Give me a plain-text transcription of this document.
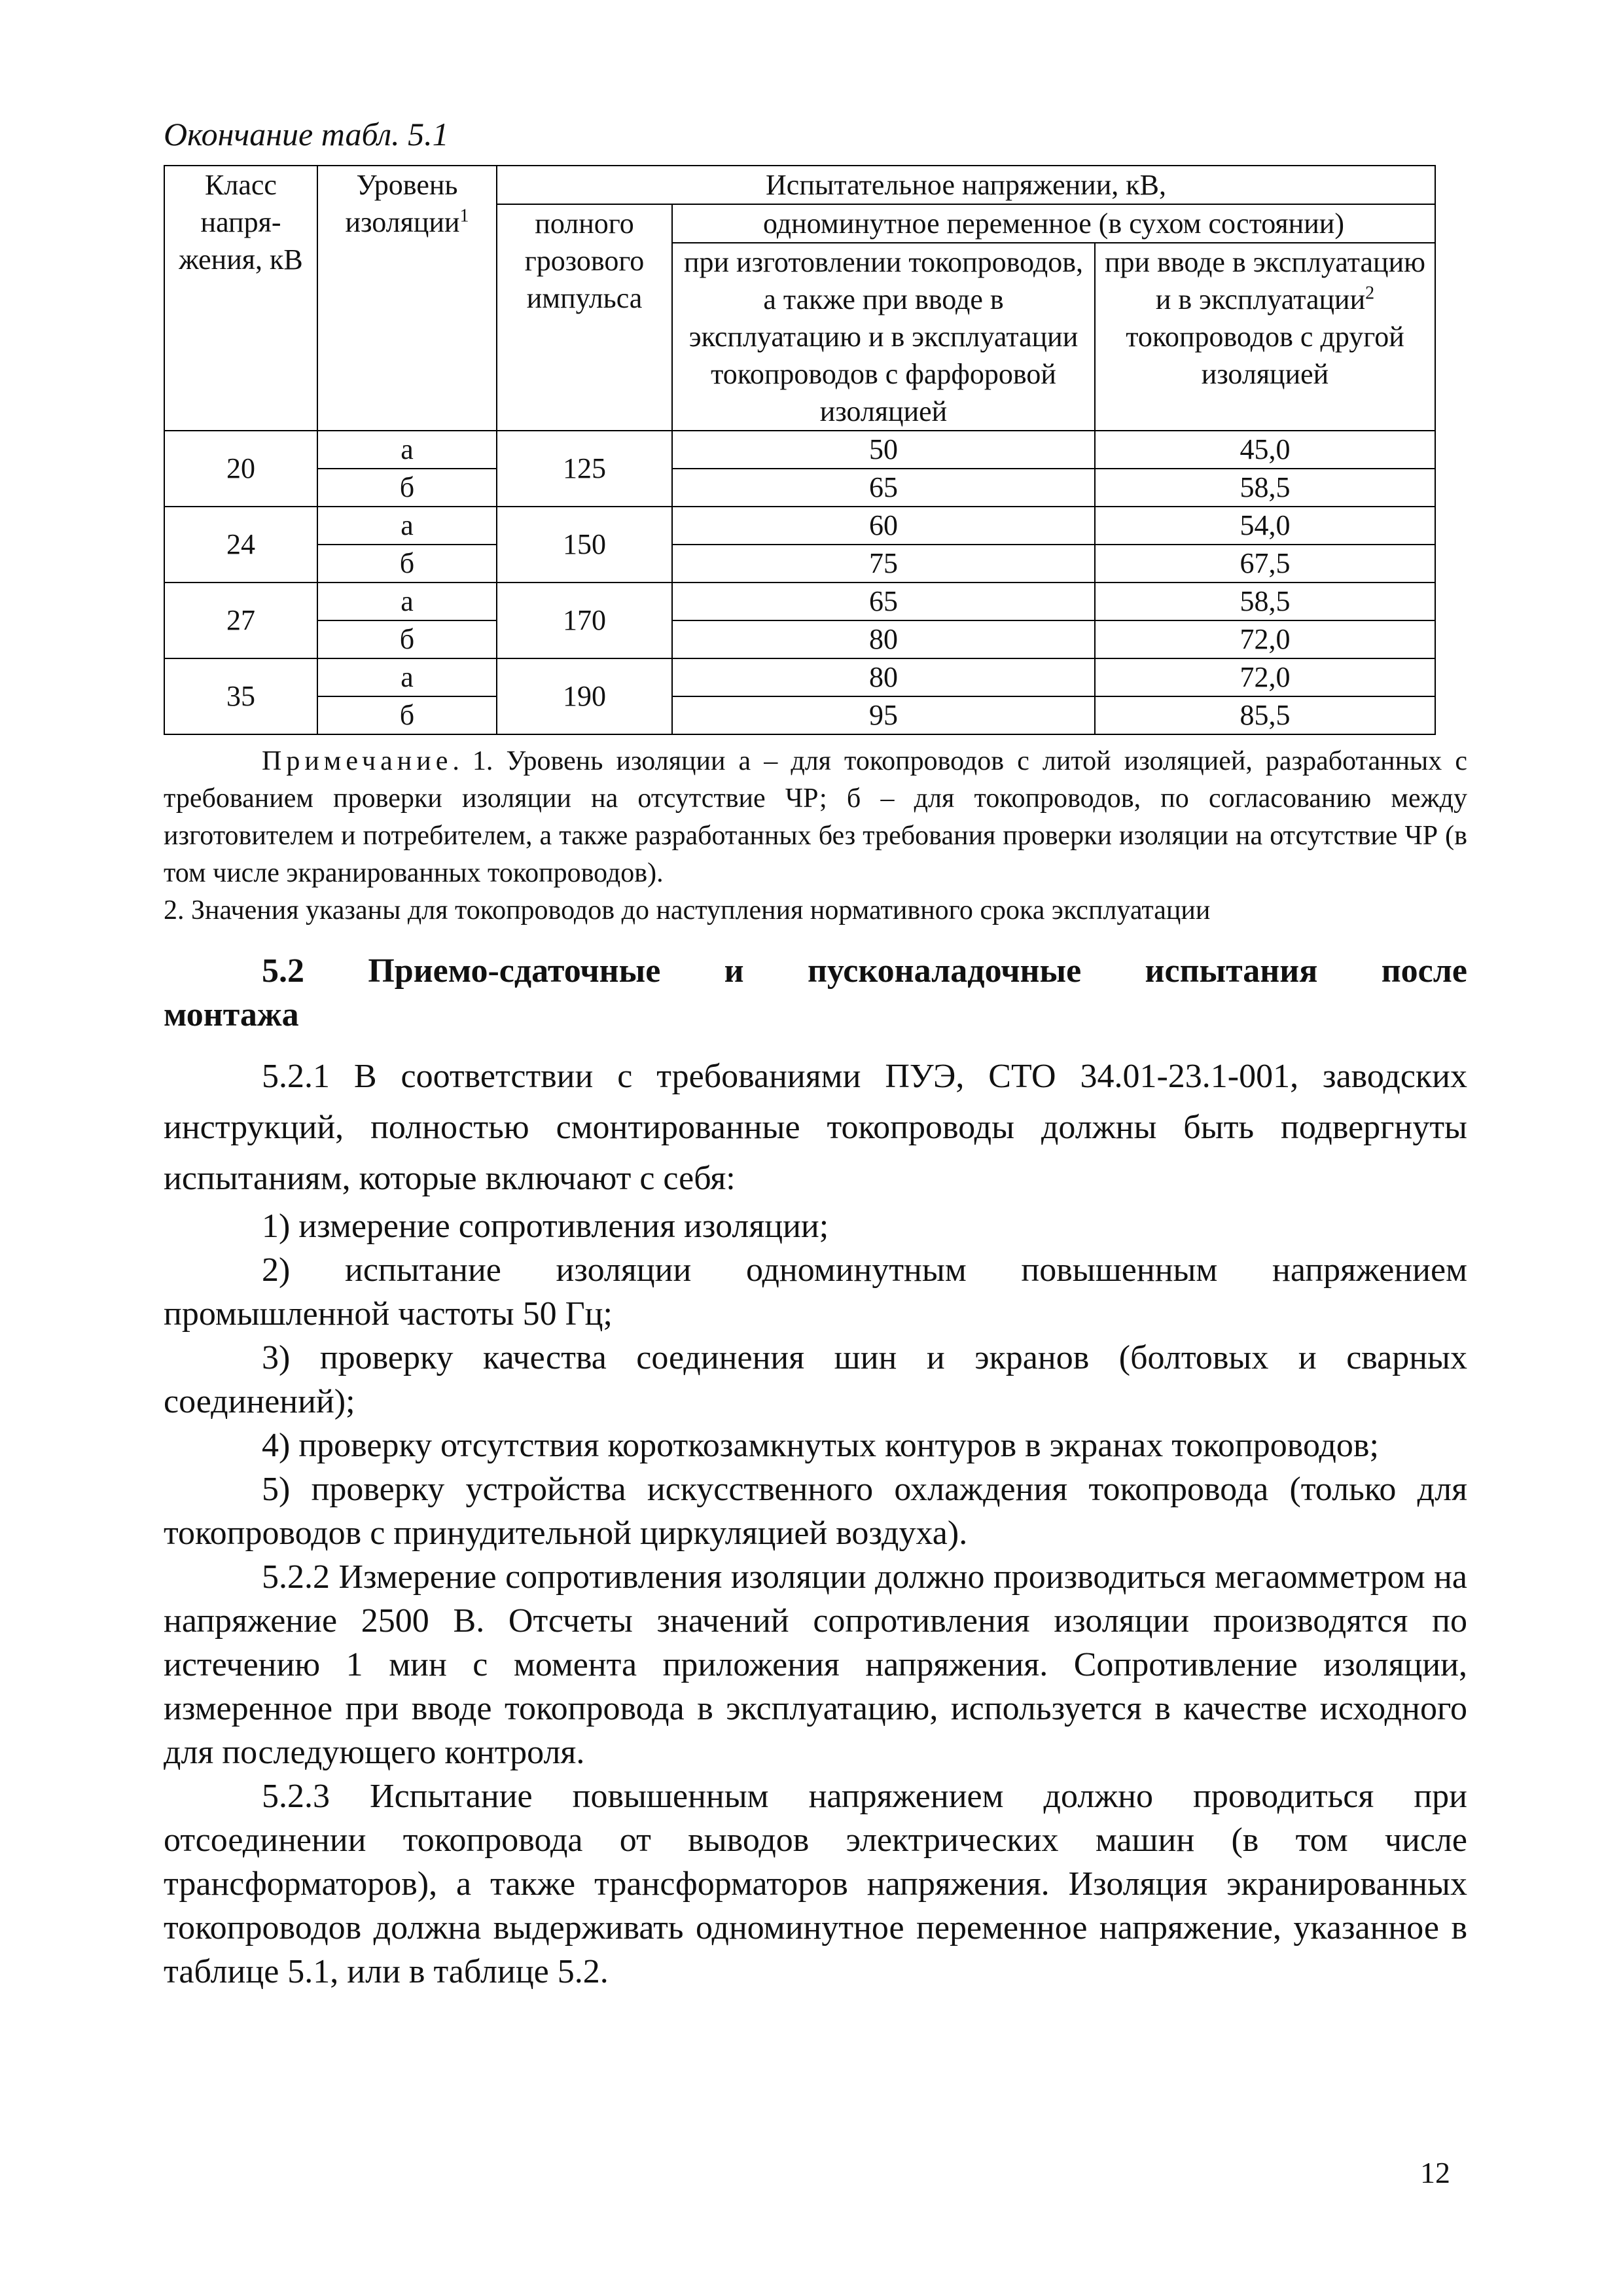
Окончание табл. 5.1
Класс напря- жения, кВ	Уровень изоляции$^1$	Испытательное напряжении, кВ,		
		полного грозового импульса	одноминутное переменное (в сухом состоянии)	
			при изготовлении токопроводов, а также при вводе в эксплуатацию и в эксплуатации токопроводов с фарфоровой изоляцией	при вводе в эксплуатацию и в эксплуатации$^2$ токопроводов с другой изоляцией
20	а	125	50	45,0
	б		65	58,5
24	а	150	60	54,0
	б		75	67,5
27	а	170	65	58,5
	б		80	72,0
35	а	190	80	72,0
	б		95	85,5

Примечание. 1. Уровень изоляции а – для токопроводов с литой изоляцией, разработанных с требованием проверки изоляции на отсутствие ЧР; б – для токопроводов, по согласованию между изготовителем и потребителем, а также разработанных без требования проверки изоляции на отсутствие ЧР (в том числе экранированных токопроводов).

2. Значения указаны для токопроводов до наступления нормативного срока эксплуатации

5.2 Приемо-сдаточные и пусконаладочные испытания после монтажа

5.2.1 В соответствии с требованиями ПУЭ, СТО 34.01-23.1-001, заводских инструкций, полностью смонтированные токопроводы должны быть подвергнуты испытаниям, которые включают с себя:

1) измерение сопротивления изоляции;

2) испытание изоляции одноминутным повышенным напряжением промышленной частоты 50 Гц;

3) проверку качества соединения шин и экранов (болтовых и сварных соединений);

4) проверку отсутствия короткозамкнутых контуров в экранах токопроводов;

5) проверку устройства искусственного охлаждения токопровода (только для токопроводов с принудительной циркуляцией воздуха).

5.2.2 Измерение сопротивления изоляции должно производиться мегаомметром на напряжение 2500 В. Отсчеты значений сопротивления изоляции производятся по истечению 1 мин с момента приложения напряжения. Сопротивление изоляции, измеренное при вводе токопровода в эксплуатацию, используется в качестве исходного для последующего контроля.

5.2.3 Испытание повышенным напряжением должно проводиться при отсоединении токопровода от выводов электрических машин (в том числе трансформаторов), а также трансформаторов напряжения. Изоляция экранированных токопроводов должна выдерживать одноминутное переменное напряжение, указанное в таблице 5.1, или в таблице 5.2.

12
